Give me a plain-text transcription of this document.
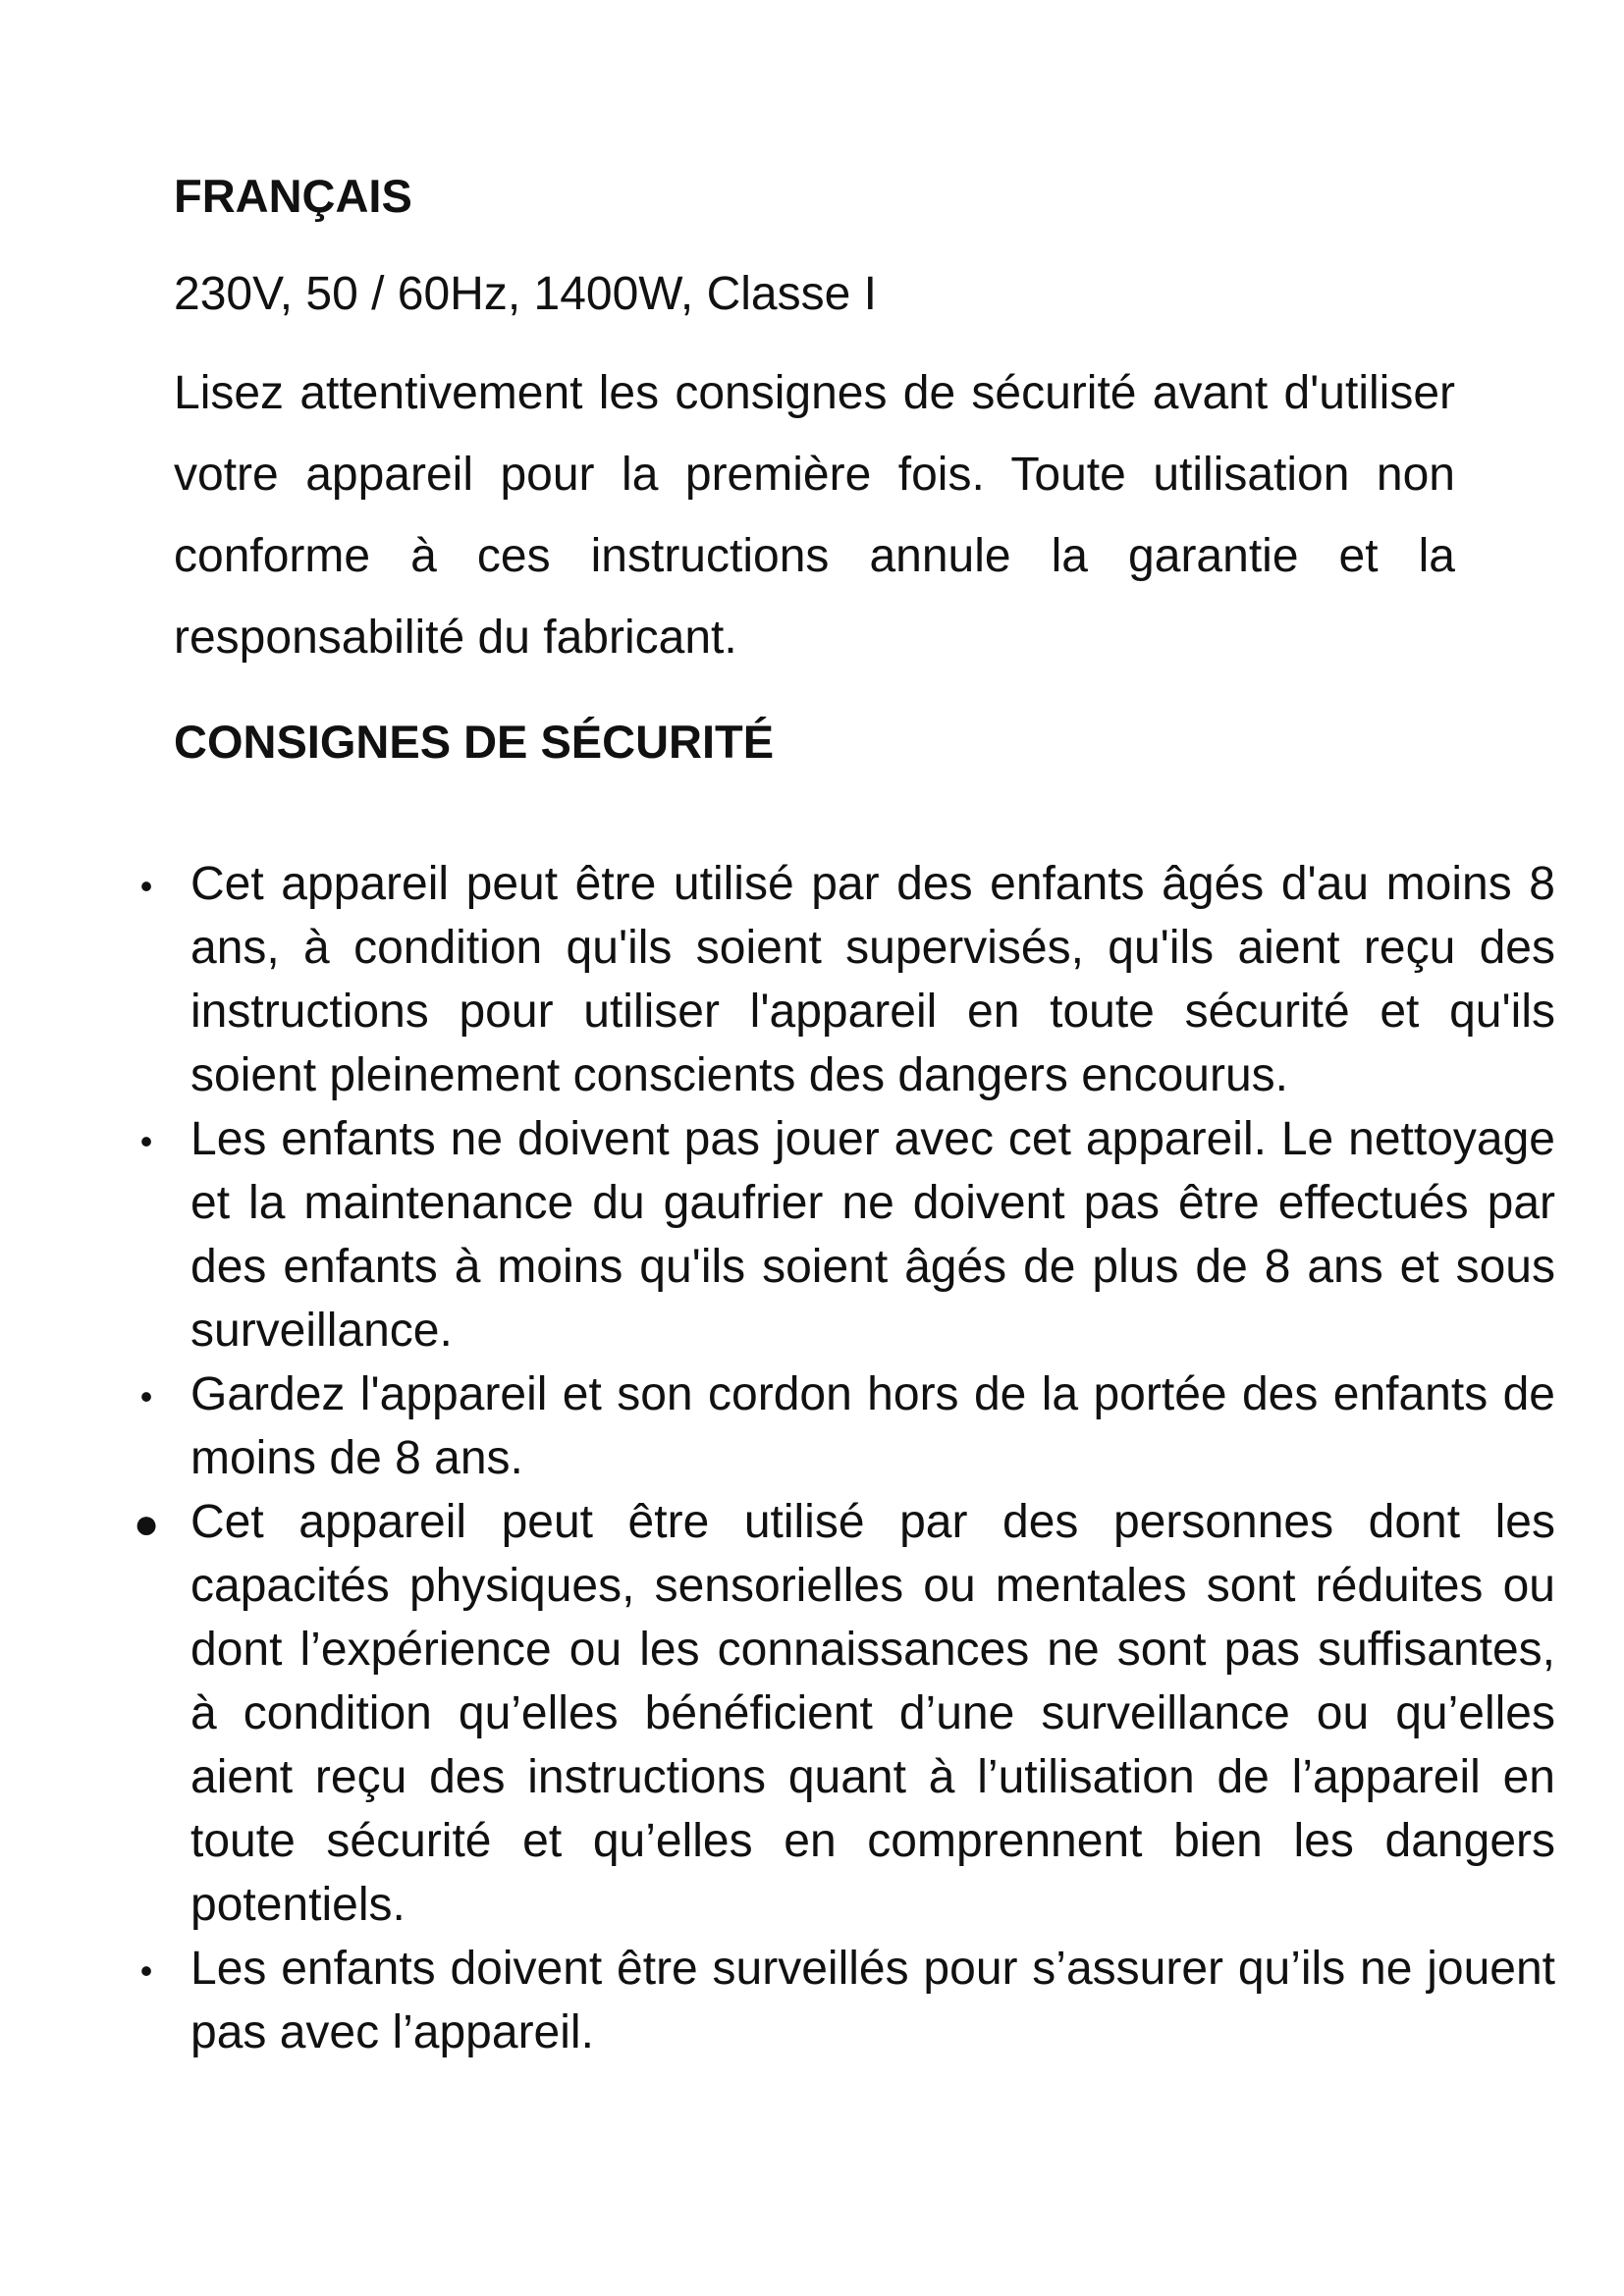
FRANÇAIS

230V, 50 / 60Hz, 1400W, Classe I

Lisez attentivement les consignes de sécurité avant d'utiliser votre appareil pour la première fois. Toute utilisation non conforme à ces instructions annule la garantie et la responsabilité du fabricant.

CONSIGNES DE SÉCURITÉ

• Cet appareil peut être utilisé par des enfants âgés d'au moins 8 ans, à condition qu'ils soient supervisés, qu'ils aient reçu des instructions pour utiliser l'appareil en toute sécurité et qu'ils soient pleinement conscients des dangers encourus.
• Les enfants ne doivent pas jouer avec cet appareil. Le nettoyage et la maintenance du gaufrier ne doivent pas être effectués par des enfants à moins qu'ils soient âgés de plus de 8 ans et sous surveillance.
• Gardez l'appareil et son cordon hors de la portée des enfants de moins de 8 ans.
● Cet appareil peut être utilisé par des personnes dont les capacités physiques, sensorielles ou mentales sont réduites ou dont l’expérience ou les connaissances ne sont pas suffisantes, à condition qu’elles bénéficient d’une surveillance ou qu’elles aient reçu des instructions quant à l’utilisation de l’appareil en toute sécurité et qu’elles en comprennent bien les dangers potentiels.
• Les enfants doivent être surveillés pour s’assurer qu’ils ne jouent pas avec l’appareil.
